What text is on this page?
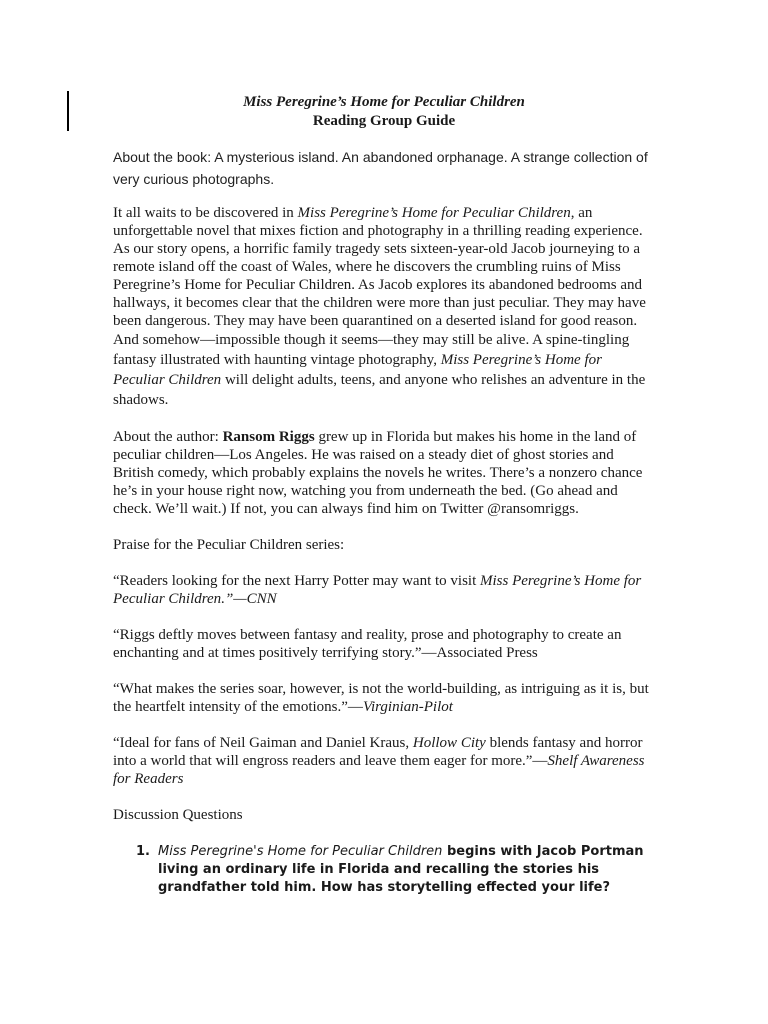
Miss Peregrine’s Home for Peculiar Children
Reading Group Guide

About the book: A mysterious island. An abandoned orphanage. A strange collection of very curious photographs.

It all waits to be discovered in Miss Peregrine’s Home for Peculiar Children, an unforgettable novel that mixes fiction and photography in a thrilling reading experience. As our story opens, a horrific family tragedy sets sixteen-year-old Jacob journeying to a remote island off the coast of Wales, where he discovers the crumbling ruins of Miss Peregrine’s Home for Peculiar Children. As Jacob explores its abandoned bedrooms and hallways, it becomes clear that the children were more than just peculiar. They may have been dangerous. They may have been quarantined on a deserted island for good reason.

And somehow—impossible though it seems—they may still be alive. A spine-tingling fantasy illustrated with haunting vintage photography, Miss Peregrine’s Home for Peculiar Children will delight adults, teens, and anyone who relishes an adventure in the shadows.

About the author: Ransom Riggs grew up in Florida but makes his home in the land of peculiar children—Los Angeles. He was raised on a steady diet of ghost stories and British comedy, which probably explains the novels he writes. There’s a nonzero chance he’s in your house right now, watching you from underneath the bed. (Go ahead and check. We’ll wait.) If not, you can always find him on Twitter @ransomriggs.

Praise for the Peculiar Children series:

“Readers looking for the next Harry Potter may want to visit Miss Peregrine’s Home for Peculiar Children.”—CNN

“Riggs deftly moves between fantasy and reality, prose and photography to create an enchanting and at times positively terrifying story.”—Associated Press

“What makes the series soar, however, is not the world-building, as intriguing as it is, but the heartfelt intensity of the emotions.”—Virginian-Pilot

“Ideal for fans of Neil Gaiman and Daniel Kraus, Hollow City blends fantasy and horror into a world that will engross readers and leave them eager for more.”—Shelf Awareness for Readers

Discussion Questions

1. Miss Peregrine's Home for Peculiar Children begins with Jacob Portman living an ordinary life in Florida and recalling the stories his grandfather told him. How has storytelling effected your life?
